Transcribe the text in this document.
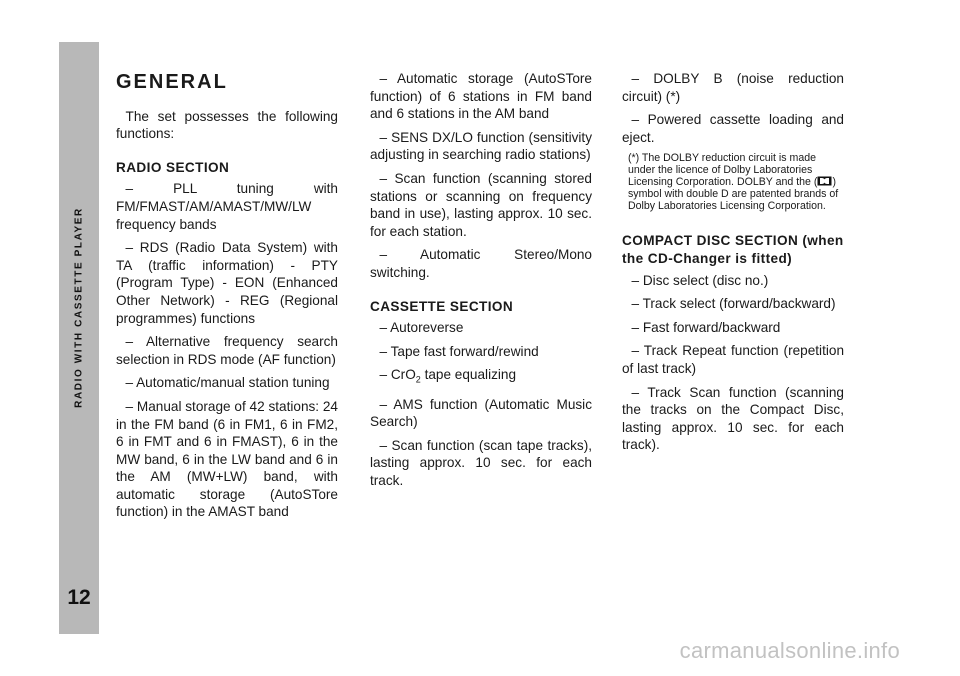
RADIO WITH CASSETTE PLAYER
12
GENERAL

The set possesses the following functions:

RADIO SECTION

– PLL tuning with FM/FMAST/AM/AMAST/MW/LW frequency bands

– RDS (Radio Data System) with TA (traffic information) - PTY (Program Type) - EON (Enhanced Other Network) - REG (Regional programmes) functions

– Alternative frequency search selection in RDS mode (AF function)

– Automatic/manual station tuning

– Manual storage of 42 stations: 24 in the FM band (6 in FM1, 6 in FM2, 6 in FMT and 6 in FMAST), 6 in the MW band, 6 in the LW band and 6 in the AM (MW+LW) band, with automatic storage (AutoSTore function) in the AMAST band

– Automatic storage (AutoSTore function) of 6 stations in FM band and 6 stations in the AM band

– SENS DX/LO function (sensitivity adjusting in searching radio stations)

– Scan function (scanning stored stations or scanning on frequency band in use), lasting approx. 10 sec. for each station.

– Automatic Stereo/Mono switching.

CASSETTE SECTION

– Autoreverse

– Tape fast forward/rewind

– CrO$_2$ tape equalizing

– AMS function (Automatic Music Search)

– Scan function (scan tape tracks), lasting approx. 10 sec. for each track.

– DOLBY B (noise reduction circuit) (*)

– Powered cassette loading and eject.

(*) The DOLBY reduction circuit is made under the licence of Dolby Laboratories Licensing Corporation. DOLBY and the ( ) symbol with double D are patented brands of Dolby Laboratories Licensing Corporation.
COMPACT DISC SECTION (when the CD-Changer is fitted)

– Disc select (disc no.)

– Track select (forward/backward)

– Fast forward/backward

– Track Repeat function (repetition of last track)

– Track Scan function (scanning the tracks on the Compact Disc, lasting approx. 10 sec. for each track).

carmanualsonline.info
